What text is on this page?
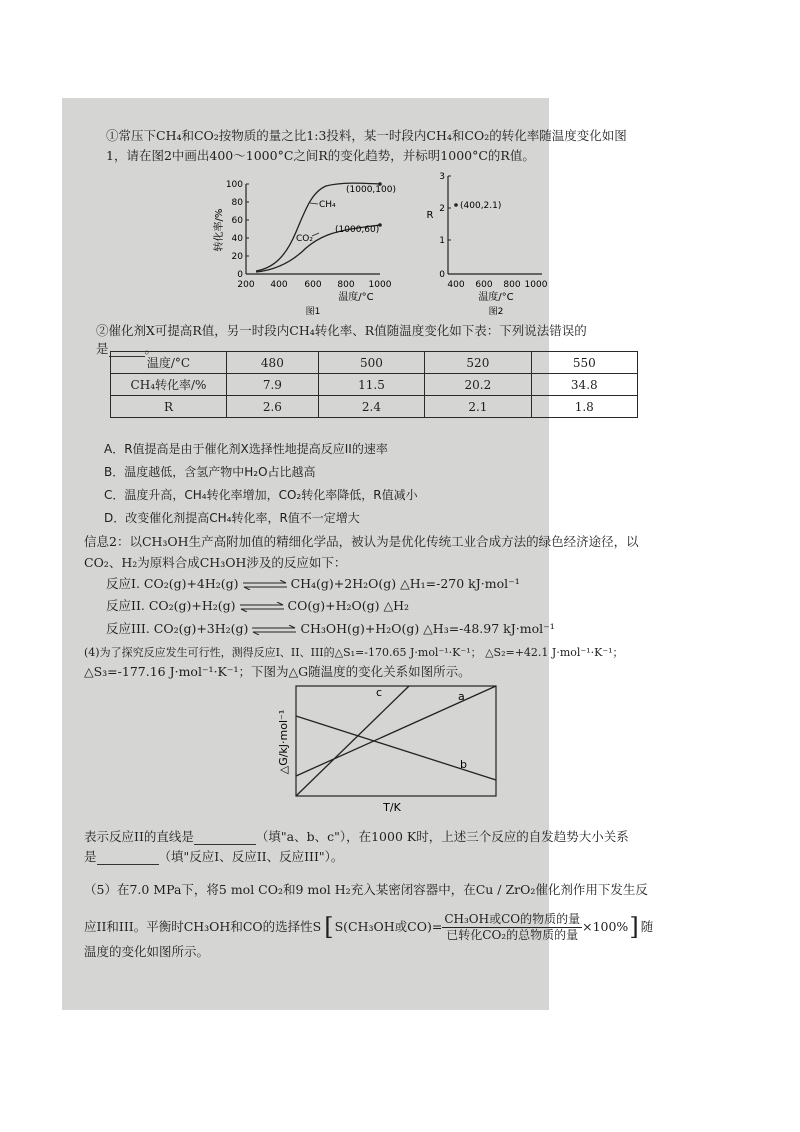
①常压下CH₄和CO₂按物质的量之比1:3投料，某一时段内CH₄和CO₂的转化率随温度变化如图
1，请在图2中画出400～1000°C之间R的变化趋势，并标明1000°C的R值。
转化率/%
100
80
60
40
20
0
200 400 600 800 1000
温度/°C
图1
(1000,100)
(1000,60)
CH₄
CO₂
R
3
2
1
0
400 600 800 1000
温度/°C
图2
(400,2.1)
②催化剂X可提高R值，另一时段内CH₄转化率、R值随温度变化如下表：下列说法错误的
是	。
温度/°C	480	500	520	550
CH₄转化率/%	7.9	11.5	20.2	34.8
R	2.6	2.4	2.1	1.8
A．R值提高是由于催化剂X选择性地提高反应II的速率
B．温度越低，含氢产物中H₂O占比越高
C．温度升高，CH₄转化率增加，CO₂转化率降低，R值减小
D．改变催化剂提高CH₄转化率，R值不一定增大
信息2：以CH₃OH生产高附加值的精细化学品，被认为是优化传统工业合成方法的绿色经济途径，以
CO₂、H₂为原料合成CH₃OH涉及的反应如下：
反应I. CO₂(g)+4H₂(g) ⇌ CH₄(g)+2H₂O(g) △H₁=-270 kJ·mol⁻¹
反应II. CO₂(g)+H₂(g) ⇌ CO(g)+H₂O(g) △H₂
反应III. CO₂(g)+3H₂(g) ⇌ CH₃OH(g)+H₂O(g) △H₃=-48.97 kJ·mol⁻¹
(4)为了探究反应发生可行性，测得反应I、II、III的△S₁=-170.65 J·mol⁻¹·K⁻¹； △S₂=+42.1 J·mol⁻¹·K⁻¹；
△S₃=-177.16 J·mol⁻¹·K⁻¹；下图为△G随温度的变化关系如图所示。
△G/kJ·mol⁻¹
c	a
b
T/K
表示反应II的直线是	（填"a、b、c"），在1000 K时，上述三个反应的自发趋势大小关系
是	（填"反应I、反应II、反应III"）。
（5）在7.0 MPa下，将5 mol CO₂和9 mol H₂充入某密闭容器中，在Cu / ZrO₂催化剂作用下发生反
应II和III。平衡时CH₃OH和CO的选择性S [ S(CH₃OH或$CO)= \frac{\text{CH₃OH或CO的物质的量}}{\text{已转化CO₂的总物质的量}} \times 100\%$ ] 随
温度的变化如图所示。
